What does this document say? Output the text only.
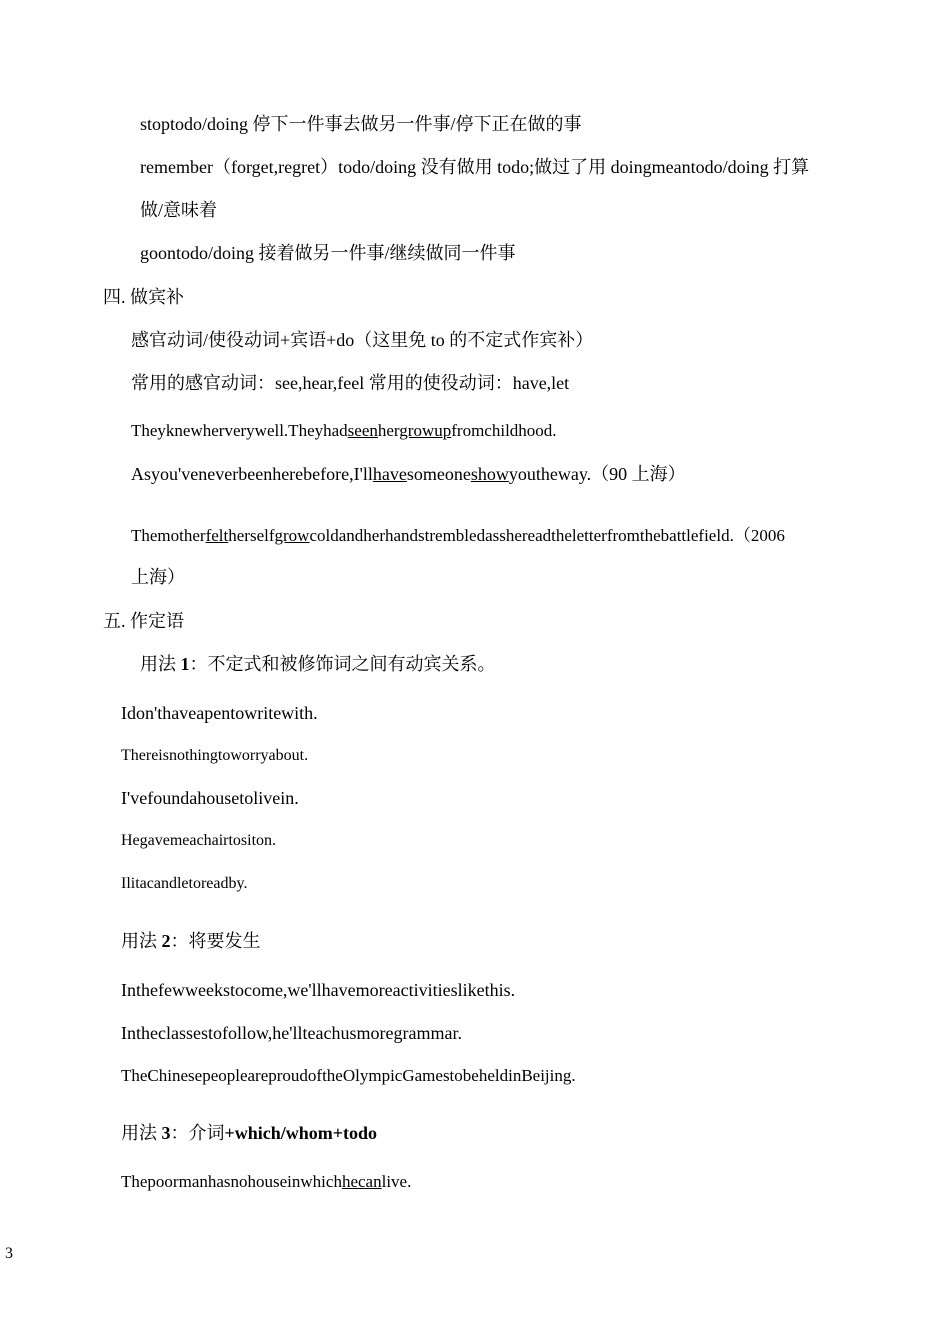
stoptodo/doing 停下一件事去做另一件事/停下正在做的事
remember（forget,regret）todo/doing 没有做用 todo;做过了用 doingmeantodo/doing 打算
做/意味着
goontodo/doing 接着做另一件事/继续做同一件事
四. 做宾补
感官动词/使役动词+宾语+do（这里免 to 的不定式作宾补）
常用的感官动词：see,hear,feel 常用的使役动词：have,let
Theyknewherverywell.Theyhadseenhergrowupfromchildhood.
Asyou'veneverbeenherebefore,I'llhavesomeoneshowyoutheway.（90 上海）
Themotherfeltherselfgrowcoldandherhandstrembledasshereadtheletterfromthebattlefield.（2006
上海）
五. 作定语
用法 1：不定式和被修饰词之间有动宾关系。
Idon'thaveapentowritewith.
Thereisnothingtoworryabout.
I'vefoundahousetolivein.
Hegavemeachairtositon.
Ilitacandletoreadby.
用法 2：将要发生
Inthefewweekstocome,we'llhavemoreactivitieslikethis.
Intheclassestofollow,he'llteachusmoregrammar.
TheChinesepeopleareproudoftheOlympicGamestobeheldinBeijing.
用法 3：介词+which/whom+todo
Thepoormanhasnohouseinwhichhecanlive.
3
